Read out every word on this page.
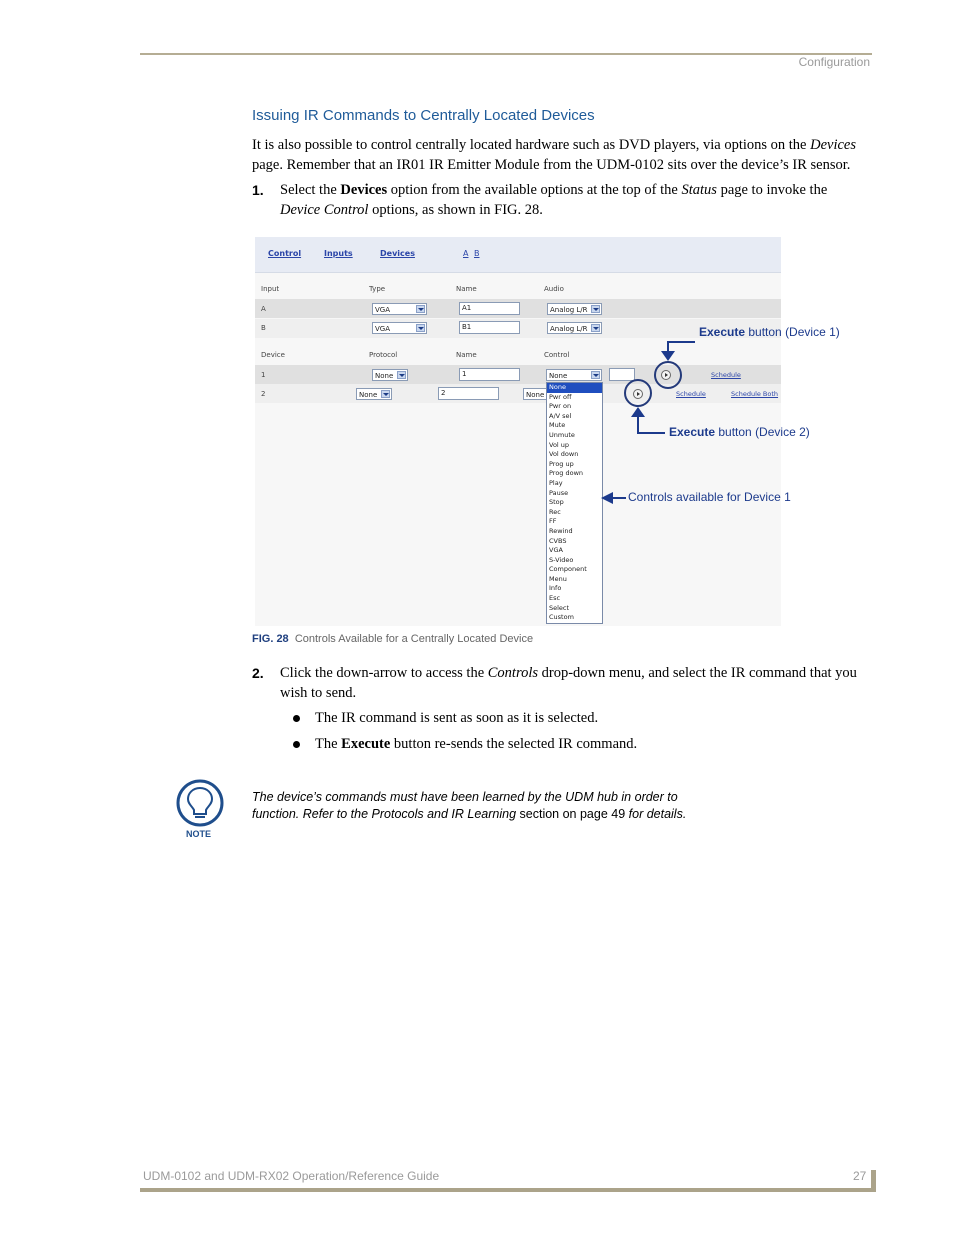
Configuration
Issuing IR Commands to Centrally Located Devices
It is also possible to control centrally located hardware such as DVD players, via options on the Devices
page. Remember that an IR01 IR Emitter Module from the UDM-0102 sits over the device’s IR sensor.
1. Select the Devices option from the available options at the top of the Status page to invoke the
Device Control options, as shown in FIG. 28.
Control	Inputs	Devices	A B
Input	Type	Name	Audio
A	VGA	A1	Analog L/R
B	VGA	B1	Analog L/R
Device	Protocol	Name	Control
1	None	1	None	Schedule
2	None	2	None	Schedule	Schedule Both
None
Pwr off
Pwr on
A/V sel
Mute
Unmute
Vol up
Vol down
Prog up
Prog down
Play
Pause
Stop
Rec
FF
Rewind
CVBS
VGA
S-Video
Component
Menu
Info
Esc
Select
Custom
Execute button (Device 1)
Execute button (Device 2)
Controls available for Device 1
FIG. 28 Controls Available for a Centrally Located Device
2. Click the down-arrow to access the Controls drop-down menu, and select the IR command that you
wish to send.
The IR command is sent as soon as it is selected.
The Execute button re-sends the selected IR command.
NOTE
The device’s commands must have been learned by the UDM hub in order to
function. Refer to the Protocols and IR Learning section on page 49 for details.
UDM-0102 and UDM-RX02 Operation/Reference Guide	27
